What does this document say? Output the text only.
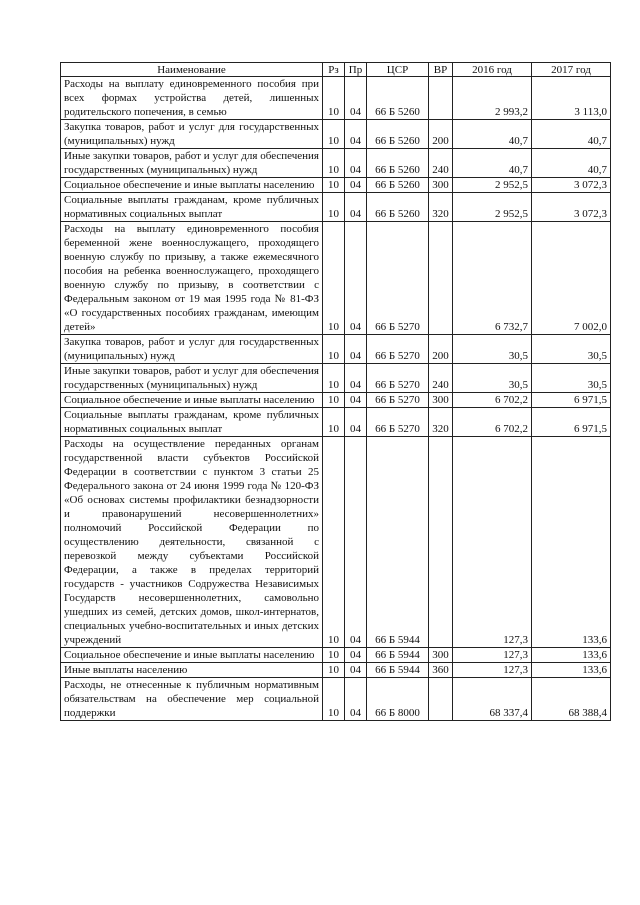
Наименование	Рз	Пр	ЦСР	ВР	2016 год	2017 год
Расходы на выплату единовременного пособия при всех формах устройства детей, лишенных родительского попечения, в семью	10	04	66 Б 5260		2 993,2	3 113,0
Закупка товаров, работ и услуг для государственных (муниципальных) нужд	10	04	66 Б 5260	200	40,7	40,7
Иные закупки товаров, работ и услуг для обеспечения государственных (муниципальных) нужд	10	04	66 Б 5260	240	40,7	40,7
Социальное обеспечение и иные выплаты населению	10	04	66 Б 5260	300	2 952,5	3 072,3
Социальные выплаты гражданам, кроме публичных нормативных социальных выплат	10	04	66 Б 5260	320	2 952,5	3 072,3
Расходы на выплату единовременного пособия беременной жене военнослужащего, проходящего военную службу по призыву, а также ежемесячного пособия на ребенка военнослужащего, проходящего военную службу по призыву, в соответствии с Федеральным законом от 19 мая 1995 года № 81-ФЗ «О государственных пособиях гражданам, имеющим детей»	10	04	66 Б 5270		6 732,7	7 002,0
Закупка товаров, работ и услуг для государственных (муниципальных) нужд	10	04	66 Б 5270	200	30,5	30,5
Иные закупки товаров, работ и услуг для обеспечения государственных (муниципальных) нужд	10	04	66 Б 5270	240	30,5	30,5
Социальное обеспечение и иные выплаты населению	10	04	66 Б 5270	300	6 702,2	6 971,5
Социальные выплаты гражданам, кроме публичных нормативных социальных выплат	10	04	66 Б 5270	320	6 702,2	6 971,5
Расходы на осуществление переданных органам государственной власти субъектов Российской Федерации в соответствии с пунктом 3 статьи 25 Федерального закона от 24 июня 1999 года № 120-ФЗ «Об основах системы профилактики безнадзорности и правонарушений несовершеннолетних» полномочий Российской Федерации по осуществлению деятельности, связанной с перевозкой между субъектами Российской Федерации, а также в пределах территорий государств - участников Содружества Независимых Государств несовершеннолетних, самовольно ушедших из семей, детских домов, школ-интернатов, специальных учебно-воспитательных и иных детских учреждений	10	04	66 Б 5944		127,3	133,6
Социальное обеспечение и иные выплаты населению	10	04	66 Б 5944	300	127,3	133,6
Иные выплаты населению	10	04	66 Б 5944	360	127,3	133,6
Расходы, не отнесенные к публичным нормативным обязательствам на обеспечение мер социальной поддержки	10	04	66 Б 8000		68 337,4	68 388,4
